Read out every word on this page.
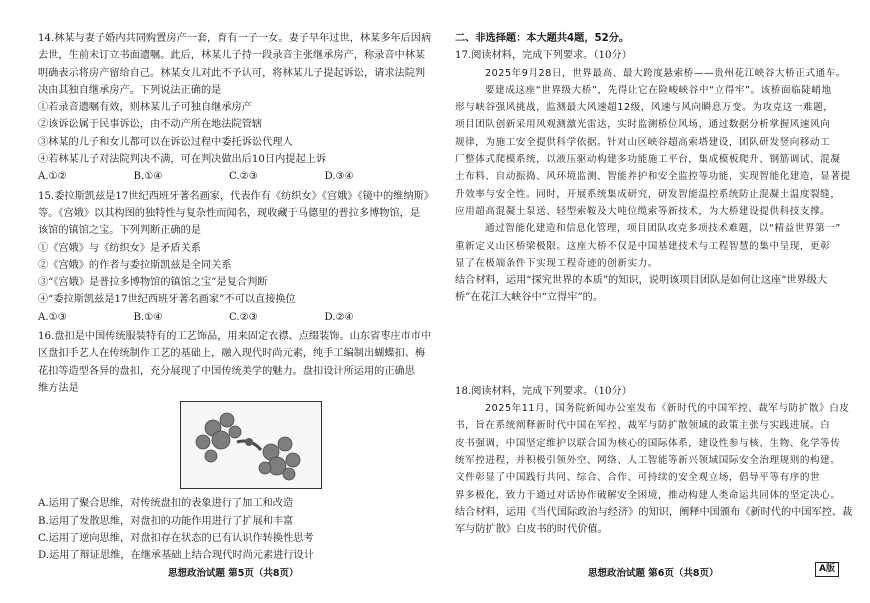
14.林某与妻子婚内共同购置房产一套，育有一子一女。妻子早年过世，林某多年后因病
去世，生前未订立书面遗嘱。此后，林某儿子持一段录音主张继承房产，称录音中林某
明确表示将房产留给自己。林某女儿对此不予认可，将林某儿子提起诉讼，请求法院判
决由其独自继承房产。下列说法正确的是
①若录音遗嘱有效，则林某儿子可独自继承房产
②该诉讼属于民事诉讼，由不动产所在地法院管辖
③林某的儿子和女儿都可以在诉讼过程中委托诉讼代理人
④若林某儿子对法院判决不满，可在判决做出后10日内提起上诉
A.①②	B.①④	C.②③	D.③④
15.委拉斯凯兹是17世纪西班牙著名画家，代表作有《纺织女》《宫娥》《镜中的维纳斯》
等。《宫娥》以其构图的独特性与复杂性而闻名，现收藏于马德里的普拉多博物馆，是
该馆的镇馆之宝。下列判断正确的是
①《宫娥》与《纺织女》是矛盾关系
②《宫娥》的作者与委拉斯凯兹是全同关系
③“《宫娥》是普拉多博物馆的镇馆之宝”是复合判断
④“委拉斯凯兹是17世纪西班牙著名画家”不可以直接换位
A.①③	B.①④	C.②③	D.②④
16.盘扣是中国传统服装特有的工艺饰品，用来固定衣襟、点缀装饰。山东省枣庄市市中
区盘扣手艺人在传统制作工艺的基础上，融入现代时尚元素，纯手工编制出蝴蝶扣、梅
花扣等造型各异的盘扣，充分展现了中国传统美学的魅力。盘扣设计所运用的正确思
维方法是
A.运用了聚合思维，对传统盘扣的表象进行了加工和改造
B.运用了发散思维，对盘扣的功能作用进行了扩展和丰富
C.运用了逆向思维，对盘扣存在状态的已有认识作转换性思考
D.运用了辩证思维，在继承基础上结合现代时尚元素进行设计
二、非选择题：本大题共4题，52分。
17.阅读材料，完成下列要求。（10分）
2025年9月28日，世界最高、最大跨度悬索桥——贵州花江峡谷大桥正式通车。
要建成这座“世界级大桥”，先得让它在险峻峡谷中“立得牢”。该桥面临陡峭地
形与峡谷强风挑战，监测最大风速超12级，风速与风向瞬息万变。为攻克这一难题，
项目团队创新采用风观测激光雷达，实时监测桥位风场，通过数据分析掌握风速风向
规律，为施工安全提供科学依据。针对山区峡谷超高索塔建设，团队研发竖向移动工
厂整体式爬模系统，以液压驱动构建多功能施工平台，集成模板爬升、钢筋调试、混凝
土布料、自动振捣、风环境监测、智能养护和安全监控等功能，实现智能化建造，显著提
升效率与安全性。同时，开展系统集成研究，研发智能温控系统防止混凝土温度裂缝，
应用超高混凝土泵送、轻型索鞍及大吨位缆索等新技术，为大桥建设提供科技支撑。
通过智能化建造和信息化管理，项目团队攻克多项技术难题，以“精益世界第一”
重新定义山区桥梁极限。这座大桥不仅是中国基建技术与工程智慧的集中呈现，更彰
显了在极端条件下实现工程奇迹的创新实力。
结合材料，运用“探究世界的本质”的知识，说明该项目团队是如何让这座“世界级大
桥”在花江大峡谷中“立得牢”的。
18.阅读材料，完成下列要求。（10分）
2025年11月，国务院新闻办公室发布《新时代的中国军控、裁军与防扩散》白皮
书，旨在系统阐释新时代中国在军控、裁军与防扩散领域的政策主张与实践进展。白
皮书强调，中国坚定维护以联合国为核心的国际体系，建设性参与核、生物、化学等传
统军控进程，并积极引领外空、网络、人工智能等新兴领域国际安全治理规则的构建。
文件彰显了中国践行共同、综合、合作、可持续的安全观立场，倡导平等有序的世
界多极化，致力于通过对话协作破解安全困境，推动构建人类命运共同体的坚定决心。
结合材料，运用《当代国际政治与经济》的知识，阐释中国颁布《新时代的中国军控、裁
军与防扩散》白皮书的时代价值。
思想政治试题 第5页（共8页）	思想政治试题 第6页（共8页）	A版
